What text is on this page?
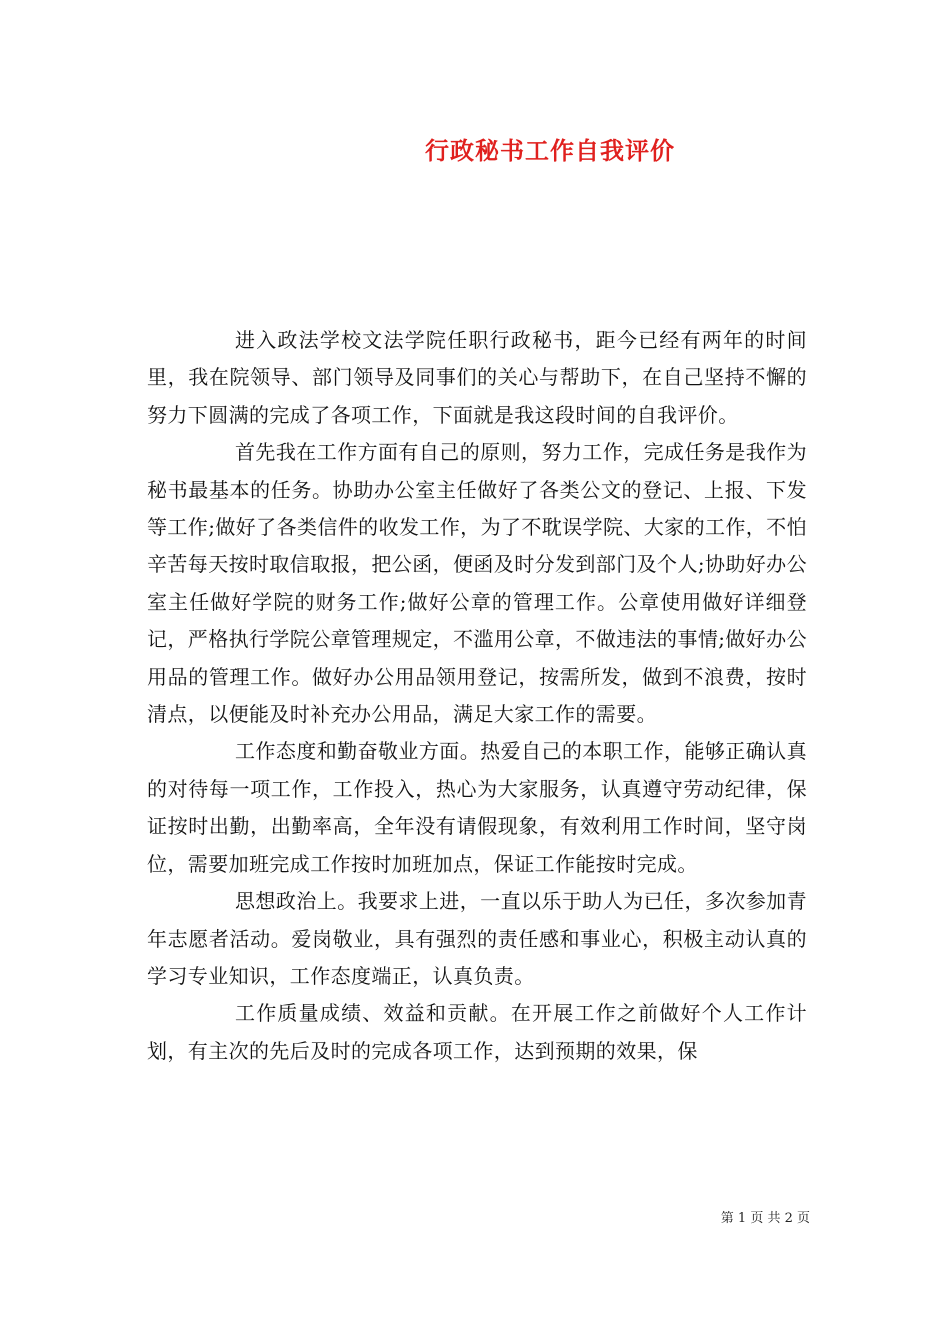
行政秘书工作自我评价

进入政法学校文法学院任职行政秘书，距今已经有两年的时间里，我在院领导、部门领导及同事们的关心与帮助下，在自己坚持不懈的努力下圆满的完成了各项工作，下面就是我这段时间的自我评价。

首先我在工作方面有自己的原则，努力工作，完成任务是我作为秘书最基本的任务。协助办公室主任做好了各类公文的登记、上报、下发等工作;做好了各类信件的收发工作，为了不耽误学院、大家的工作，不怕辛苦每天按时取信取报，把公函，便函及时分发到部门及个人;协助好办公室主任做好学院的财务工作;做好公章的管理工作。公章使用做好详细登记，严格执行学院公章管理规定，不滥用公章，不做违法的事情;做好办公用品的管理工作。做好办公用品领用登记，按需所发，做到不浪费，按时清点，以便能及时补充办公用品，满足大家工作的需要。

工作态度和勤奋敬业方面。热爱自己的本职工作，能够正确认真的对待每一项工作，工作投入，热心为大家服务，认真遵守劳动纪律，保证按时出勤，出勤率高，全年没有请假现象，有效利用工作时间，坚守岗位，需要加班完成工作按时加班加点，保证工作能按时完成。

思想政治上。我要求上进，一直以乐于助人为已任，多次参加青年志愿者活动。爱岗敬业，具有强烈的责任感和事业心，积极主动认真的学习专业知识，工作态度端正，认真负责。

工作质量成绩、效益和贡献。在开展工作之前做好个人工作计划，有主次的先后及时的完成各项工作，达到预期的效果，保

第 1 页 共 2 页
